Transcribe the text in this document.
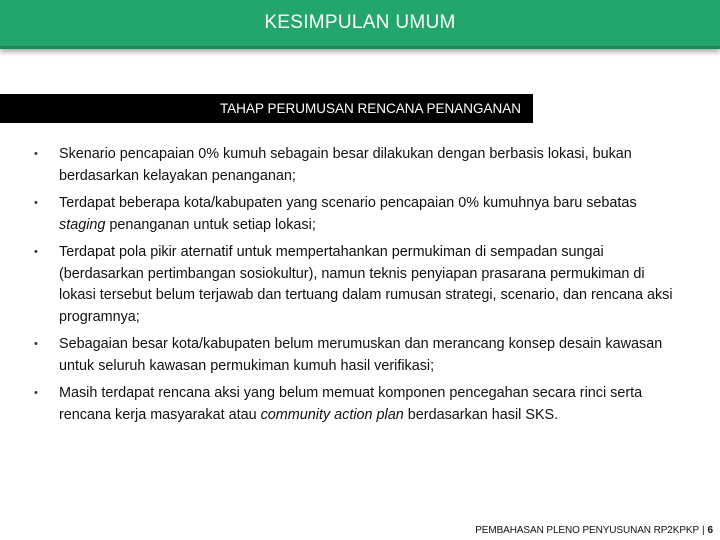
KESIMPULAN UMUM
TAHAP PERUMUSAN RENCANA PENANGANAN
• Skenario pencapaian 0% kumuh sebagain besar dilakukan dengan berbasis lokasi, bukan berdasarkan kelayakan penanganan;
• Terdapat beberapa kota/kabupaten yang scenario pencapaian 0% kumuhnya baru sebatas staging penanganan untuk setiap lokasi;
• Terdapat pola pikir aternatif untuk mempertahankan permukiman di sempadan sungai (berdasarkan pertimbangan sosiokultur), namun teknis penyiapan prasarana permukiman di lokasi tersebut belum terjawab dan tertuang dalam rumusan strategi, scenario, dan rencana aksi programnya;
• Sebagaian besar kota/kabupaten belum merumuskan dan merancang konsep desain kawasan untuk seluruh kawasan permukiman kumuh hasil verifikasi;
• Masih terdapat rencana aksi yang belum memuat komponen pencegahan secara rinci serta rencana kerja masyarakat atau community action plan berdasarkan hasil SKS.
PEMBAHASAN PLENO PENYUSUNAN RP2KPKP | 6
